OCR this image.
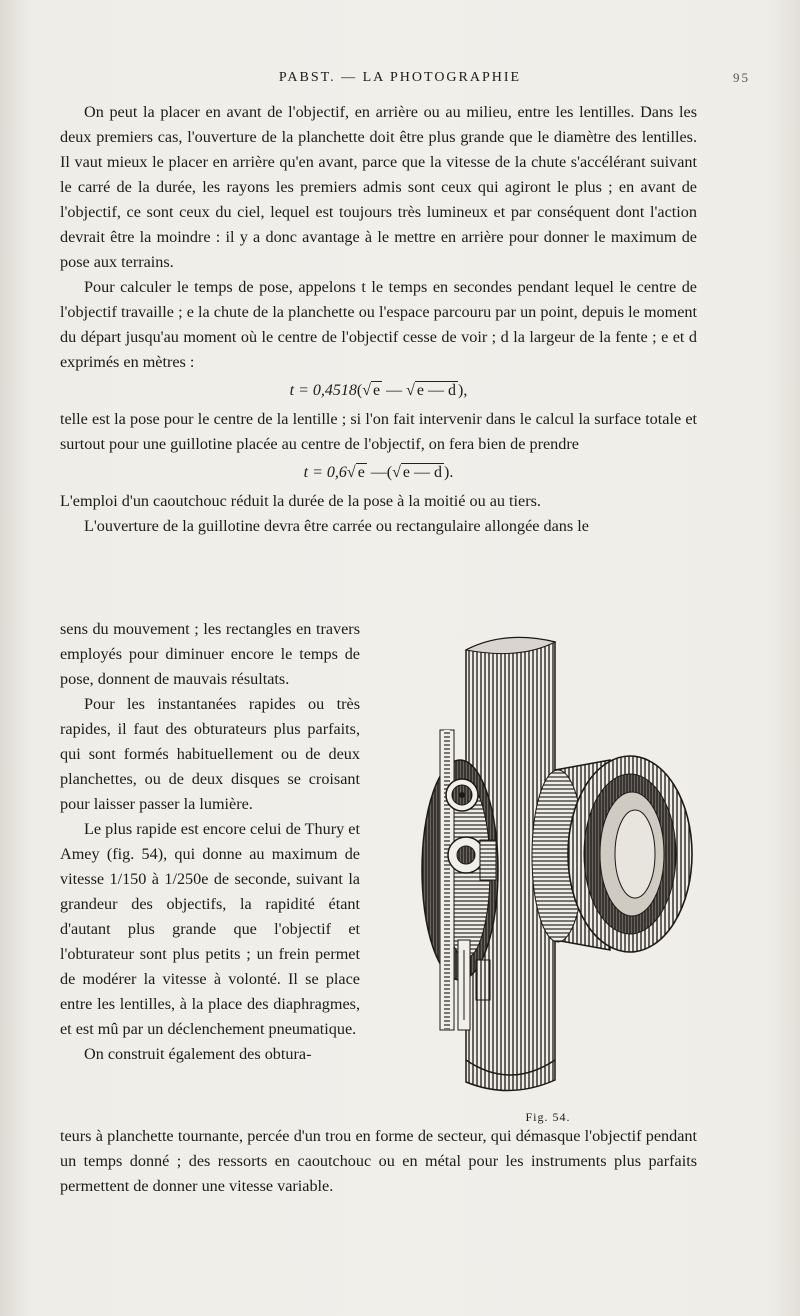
PABST. — LA PHOTOGRAPHIE	95

On peut la placer en avant de l'objectif, en arrière ou au milieu, entre les lentilles. Dans les deux premiers cas, l'ouverture de la planchette doit être plus grande que le diamètre des lentilles. Il vaut mieux le placer en arrière qu'en avant, parce que la vitesse de la chute s'accélérant suivant le carré de la durée, les rayons les premiers admis sont ceux qui agiront le plus ; en avant de l'objectif, ce sont ceux du ciel, lequel est toujours très lumineux et par conséquent dont l'action devrait être la moindre : il y a donc avantage à le mettre en arrière pour donner le maximum de pose aux terrains.

Pour calculer le temps de pose, appelons t le temps en secondes pendant lequel le centre de l'objectif travaille ; e la chute de la planchette ou l'espace parcouru par un point, depuis le moment du départ jusqu'au moment où le centre de l'objectif cesse de voir ; d la largeur de la fente ; e et d exprimés en mètres :

t = 0,4518(√ e — √ e — d ),

telle est la pose pour le centre de la lentille ; si l'on fait intervenir dans le calcul la surface totale et surtout pour une guillotine placée au centre de l'objectif, on fera bien de prendre

t = 0,6√ e —(√ e — d ).

L'emploi d'un caoutchouc réduit la durée de la pose à la moitié ou au tiers.

L'ouverture de la guillotine devra être carrée ou rectangulaire allongée dans le

sens du mouvement ; les rectangles en travers employés pour diminuer encore le temps de pose, donnent de mauvais résultats.

Pour les instantanées rapides ou très rapides, il faut des obturateurs plus parfaits, qui sont formés habituellement ou de deux planchettes, ou de deux disques se croisant pour laisser passer la lumière.

Le plus rapide est encore celui de Thury et Amey (fig. 54), qui donne au maximum de vitesse 1/150 à 1/250e de seconde, suivant la grandeur des objectifs, la rapidité étant d'autant plus grande que l'objectif et l'obturateur sont plus petits ; un frein permet de modérer la vitesse à volonté. Il se place entre les lentilles, à la place des diaphragmes, et est mû par un déclenchement pneumatique.

On construit également des obtura-

Fig. 54.

teurs à planchette tournante, percée d'un trou en forme de secteur, qui démasque l'objectif pendant un temps donné ; des ressorts en caoutchouc ou en métal pour les instruments plus parfaits permettent de donner une vitesse variable.
